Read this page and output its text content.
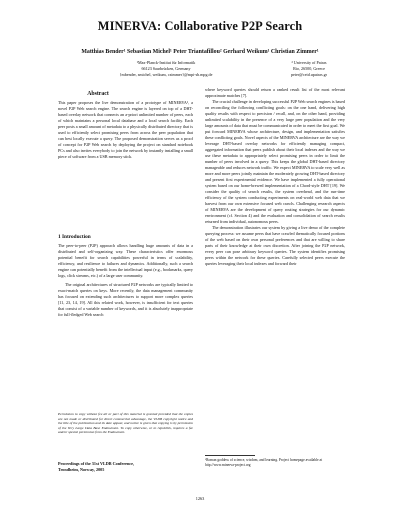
MINERVA: Collaborative P2P Search
Matthias Bender¹ Sebastian Michel¹ Peter Triantafillou² Gerhard Weikum¹ Christian Zimmer¹
¹Max-Planck-Institut für Informatik
66123 Saarbrücken, Germany
{mbender, smichel, weikum, czimmer}@mpi-sb.mpg.de
² University of Patras
Rio, 26500, Greece
peter@ceid.upatras.gr
Abstract

This paper proposes the live demonstration of a prototype of MINERVA¹, a novel P2P Web search engine. The search engine is layered on top of a DHT-based overlay network that connects an a-priori unlimited number of peers, each of which maintains a personal local database and a local search facility. Each peer posts a small amount of metadata to a physically distributed directory that is used to efficiently select promising peers from across the peer population that can best locally execute a query. The proposed demonstration serves as a proof of concept for P2P Web search by deploying the project on standard notebook PCs and also invites everybody to join the network by instantly installing a small piece of software from a USB memory stick.

1 Introduction

The peer-to-peer (P2P) approach allows handling huge amounts of data in a distributed and self-organizing way. These characteristics offer enormous potential benefit for search capabilities powerful in terms of scalability, efficiency, and resilience to failures and dynamics. Additionally, such a search engine can potentially benefit from the intellectual input (e.g., bookmarks, query logs, click streams, etc.) of a large user community.

The original architectures of structured P2P networks are typically limited to exact-match queries on keys. More recently, the data management community has focused on extending such architectures to support more complex queries [11, 23, 14, 19]. All this related work, however, is insufficient for text queries that consist of a variable number of keywords, and it is absolutely inappropriate for full-fledged Web search

Permission to copy without fee all or part of this material is granted provided that the copies are not made or distributed for direct commercial advantage, the VLDB copyright notice and the title of the publication and its date appear, and notice is given that copying is by permission of the Very Large Data Base Endowment. To copy otherwise, or to republish, requires a fee and/or special permission from the Endowment.
Proceedings of the 31st VLDB Conference,
Trondheim, Norway, 2005

where keyword queries should return a ranked result list of the most relevant approximate matches [7].

The crucial challenge in developing successful P2P Web search engines is based on reconciling the following conflicting goals: on the one hand, delivering high quality results with respect to precision / recall, and, on the other hand, providing unlimited scalability in the presence of a very large peer population and the very large amounts of data that must be communicated in order to meet the first goal. We put forward MINERVA whose architecture, design, and implementation satisfies these conflicting goals. Novel aspects of the MINERVA architecture are the way we leverage DHT-based overlay networks for efficiently managing compact, aggregated information that peers publish about their local indexes and the way we use these metadata to appropriately select promising peers in order to limit the number of peers involved in a query. This keeps the global DHT-based directory manageable and reduces network traffic. We expect MINERVA to scale very well as more and more peers jointly maintain the moderately growing DHT-based directory and present first experimental evidence. We have implemented a fully operational system based on our home-brewed implementation of a Chord-style DHT [19]. We consider the quality of search results, the system overhead, and the run-time efficiency of the system conducting experiments on real-world web data that we harvest from our own extensive focused web crawls. Challenging research aspects of MINERVA are the development of query routing strategies for our dynamic environment (cf. Section 4) and the evaluation and consolidation of search results returned from individual, autonomous peers.

The demonstration illustrates our system by giving a live demo of the complete querying process: we assume peers that have crawled thematically focused portions of the web based on their own personal preferences and that are willing to share parts of their knowledge at their own discretion. After joining the P2P network, every peer can pose arbitrary keyword queries. The system identifies promising peers within the network for these queries. Carefully selected peers execute the queries leveraging their local indexes and forward their

¹Roman goddess of science, wisdom, and learning. Project homepage available at http://www.minerva-project.org
1263
